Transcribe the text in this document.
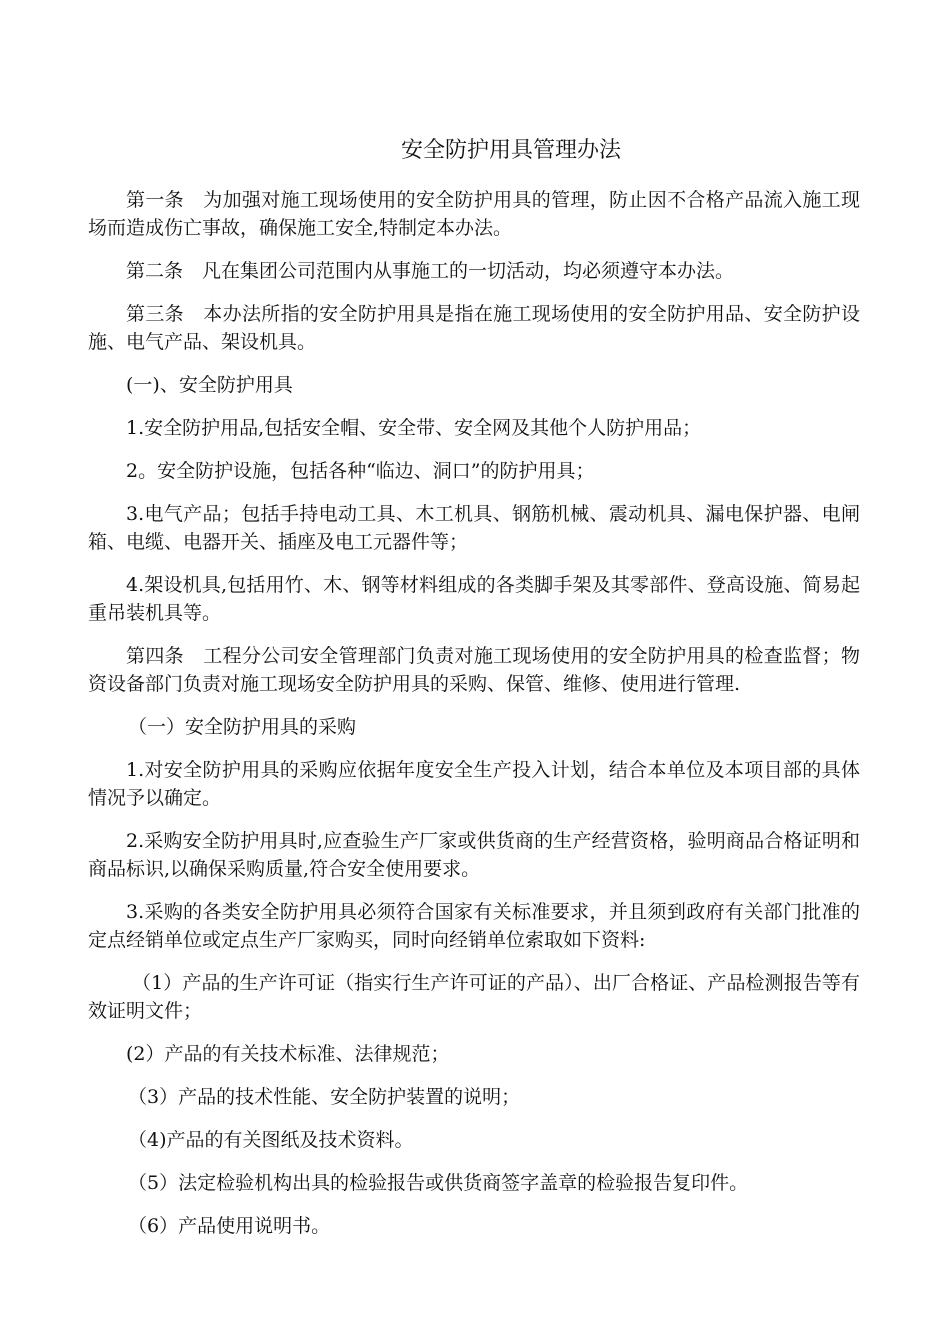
安全防护用具管理办法

第一条　为加强对施工现场使用的安全防护用具的管理，防止因不合格产品流入施工现场而造成伤亡事故，确保施工安全,特制定本办法。

第二条　凡在集团公司范围内从事施工的一切活动，均必须遵守本办法。

第三条　本办法所指的安全防护用具是指在施工现场使用的安全防护用品、安全防护设施、电气产品、架设机具。

(一)、安全防护用具

1.安全防护用品,包括安全帽、安全带、安全网及其他个人防护用品；

2。安全防护设施，包括各种“临边、洞口”的防护用具；

3.电气产品；包括手持电动工具、木工机具、钢筋机械、震动机具、漏电保护器、电闸箱、电缆、电器开关、插座及电工元器件等；

4.架设机具,包括用竹、木、钢等材料组成的各类脚手架及其零部件、登高设施、简易起重吊装机具等。

第四条　工程分公司安全管理部门负责对施工现场使用的安全防护用具的检查监督；物资设备部门负责对施工现场安全防护用具的采购、保管、维修、使用进行管理.

（一）安全防护用具的采购

1.对安全防护用具的采购应依据年度安全生产投入计划，结合本单位及本项目部的具体情况予以确定。

2.采购安全防护用具时,应查验生产厂家或供货商的生产经营资格，验明商品合格证明和商品标识,以确保采购质量,符合安全使用要求。

3.采购的各类安全防护用具必须符合国家有关标准要求，并且须到政府有关部门批准的定点经销单位或定点生产厂家购买，同时向经销单位索取如下资料:

（1）产品的生产许可证（指实行生产许可证的产品）、出厂合格证、产品检测报告等有效证明文件；

(2）产品的有关技术标准、法律规范；

（3）产品的技术性能、安全防护装置的说明；

（4)产品的有关图纸及技术资料。

（5）法定检验机构出具的检验报告或供货商签字盖章的检验报告复印件。

（6）产品使用说明书。
